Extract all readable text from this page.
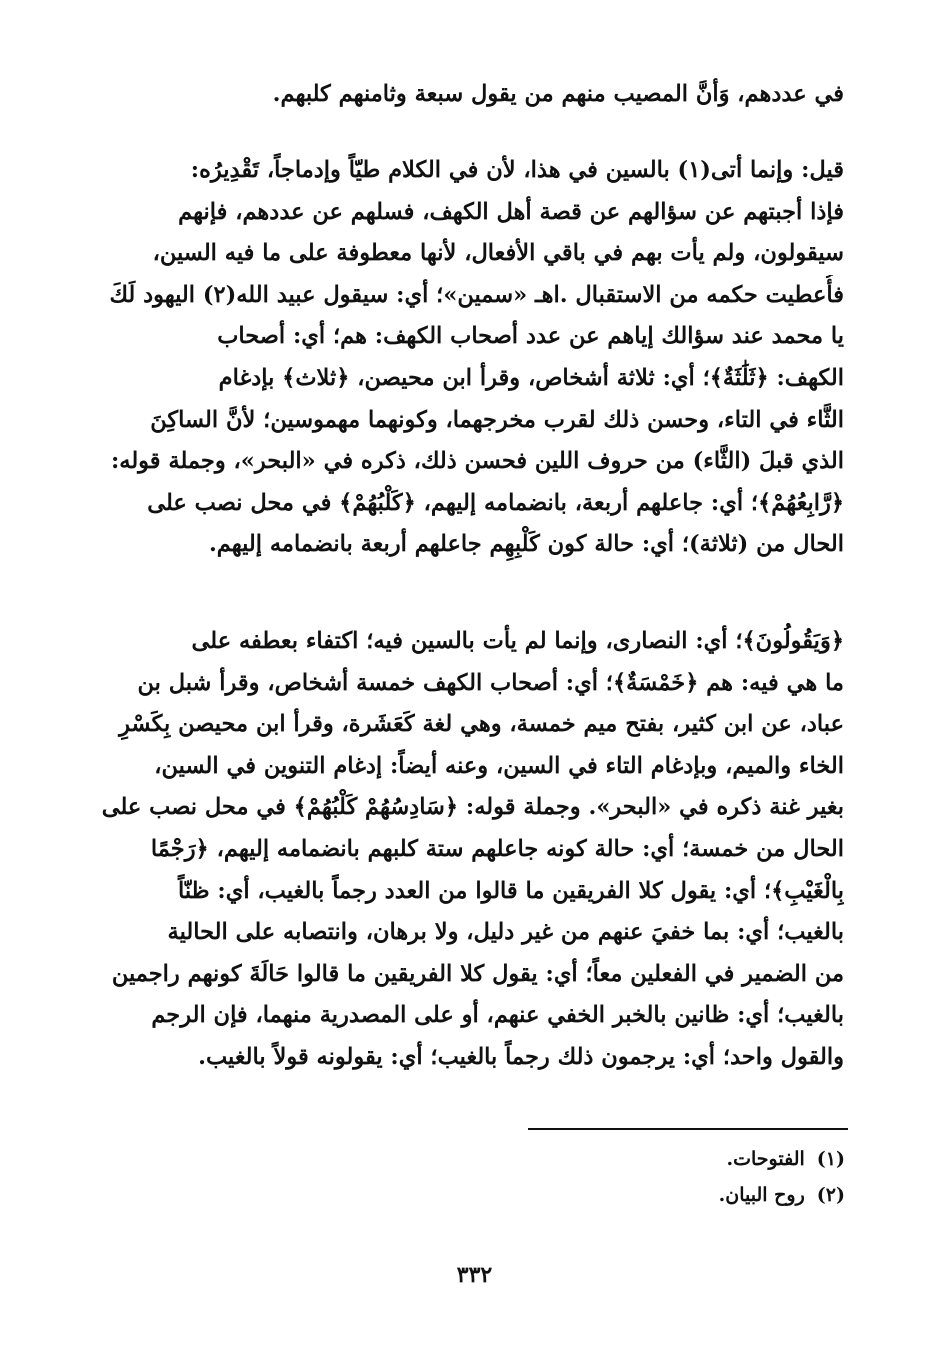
في عددهم، وَأنَّ المصيب منهم من يقول سبعة وثامنهم كلبهم.
قيل: وإنما أتى(١) بالسين في هذا، لأن في الكلام طيّاً وإدماجاً، تَقْدِيرُه:
فإذا أجبتهم عن سؤالهم عن قصة أهل الكهف، فسلهم عن عددهم، فإنهم
سيقولون، ولم يأت بهم في باقي الأفعال، لأنها معطوفة على ما فيه السين،
فأُعطيت حكمه من الاستقبال .اهـ «سمين»؛ أي: سيقول عبيد الله(٢) اليهود لَكَ
يا محمد عند سؤالك إياهم عن عدد أصحاب الكهف: هم؛ أي: أصحاب
الكهف: ﴿ثَلَٰثَةٌ﴾؛ أي: ثلاثة أشخاص، وقرأ ابن محيصن، ﴿ثلاث﴾ بإدغام
الثَّاء في التاء، وحسن ذلك لقرب مخرجهما، وكونهما مهموسين؛ لأنَّ الساكِنَ
الذي قبلَ (الثَّاء) من حروف اللين فحسن ذلك، ذكره في «البحر»، وجملة قوله:
﴿رَّابِعُهُمْ﴾؛ أي: جاعلهم أربعة، بانضمامه إليهم، ﴿كَلْبُهُمْ﴾ في محل نصب على
الحال من (ثلاثة)؛ أي: حالة كون كَلْبِهِم جاعلهم أربعة بانضمامه إليهم.
﴿وَيَقُولُونَ﴾؛ أي: النصارى، وإنما لم يأت بالسين فيه؛ اكتفاء بعطفه على
ما هي فيه: هم ﴿خَمْسَةٌ﴾؛ أي: أصحاب الكهف خمسة أشخاص، وقرأ شبل بن
عباد، عن ابن كثير، بفتح ميم خمسة، وهي لغة كَعَشَرة، وقرأ ابن محيصن بِكَسْرِ
الخاء والميم، وبإدغام التاء في السين، وعنه أيضاً: إدغام التنوين في السين،
بغير غنة ذكره في «البحر». وجملة قوله: ﴿سَادِسُهُمْ كَلْبُهُمْ﴾ في محل نصب على
الحال من خمسة؛ أي: حالة كونه جاعلهم ستة كلبهم بانضمامه إليهم، ﴿رَجْمًا
بِالْغَيْبِ﴾؛ أي: يقول كلا الفريقين ما قالوا من العدد رجماً بالغيب، أي: ظنّاً
بالغيب؛ أي: بما خفيَ عنهم من غير دليل، ولا برهان، وانتصابه على الحالية
من الضمير في الفعلين معاً؛ أي: يقول كلا الفريقين ما قالوا حَالَةَ كونهم راجمين
بالغيب؛ أي: ظانين بالخبر الخفي عنهم، أو على المصدرية منهما، فإن الرجم
والقول واحد؛ أي: يرجمون ذلك رجماً بالغيب؛ أي: يقولونه قولاً بالغيب.
(١)الفتوحات.
(٢)روح البيان.
٣٣٢
